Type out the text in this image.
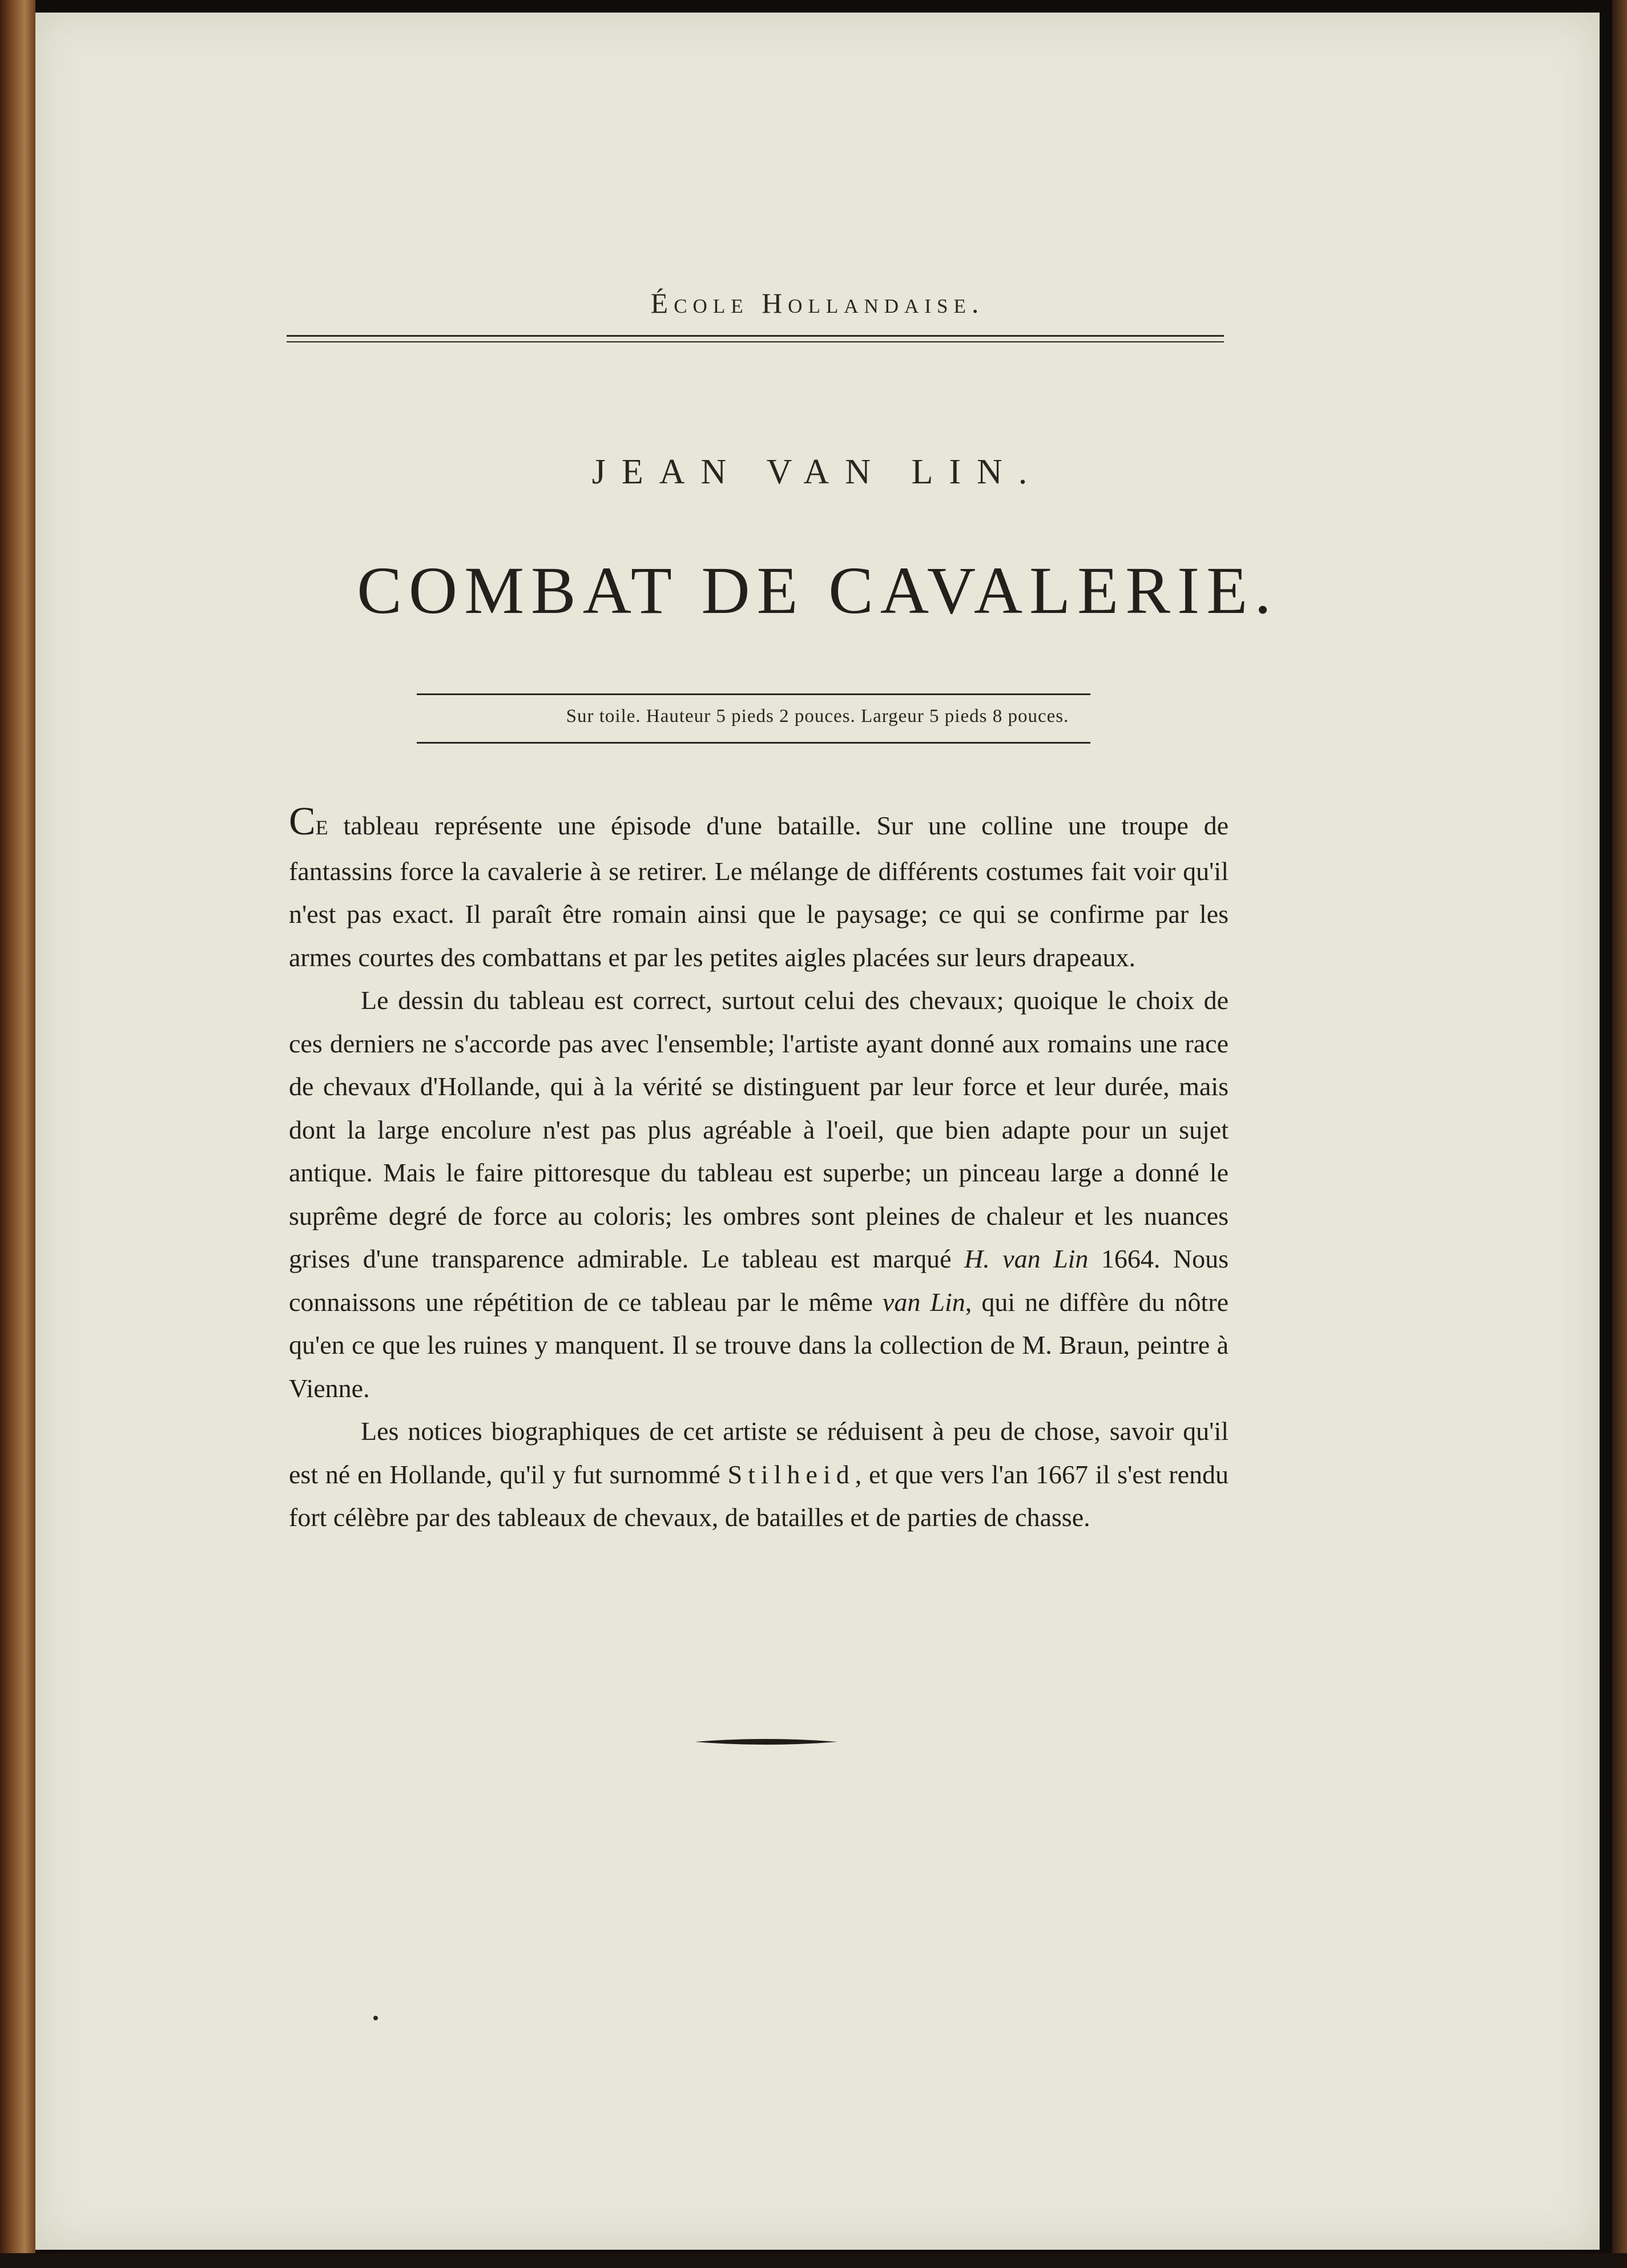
École Hollandaise.
JEAN VAN LIN.
COMBAT DE CAVALERIE.
Sur toile. Hauteur 5 pieds 2 pouces. Largeur 5 pieds 8 pouces.

CE tableau représente une épisode d'une bataille. Sur une colline une troupe de fantassins force la cavalerie à se retirer. Le mélange de différents costumes fait voir qu'il n'est pas exact. Il paraît être romain ainsi que le paysage; ce qui se confirme par les armes courtes des combattans et par les petites aigles placées sur leurs drapeaux.

Le dessin du tableau est correct, surtout celui des chevaux; quoique le choix de ces derniers ne s'accorde pas avec l'ensemble; l'artiste ayant donné aux romains une race de chevaux d'Hollande, qui à la vérité se distinguent par leur force et leur durée, mais dont la large encolure n'est pas plus agréable à l'oeil, que bien adapte pour un sujet antique. Mais le faire pittoresque du tableau est superbe; un pinceau large a donné le suprême degré de force au coloris; les ombres sont pleines de chaleur et les nuances grises d'une transparence admirable. Le tableau est marqué H. van Lin 1664. Nous connaissons une répétition de ce tableau par le même van Lin, qui ne diffère du nôtre qu'en ce que les ruines y manquent. Il se trouve dans la collection de M. Braun, peintre à Vienne.

Les notices biographiques de cet artiste se réduisent à peu de chose, savoir qu'il est né en Hollande, qu'il y fut surnommé Stilheid, et que vers l'an 1667 il s'est rendu fort célèbre par des tableaux de chevaux, de batailles et de parties de chasse.
